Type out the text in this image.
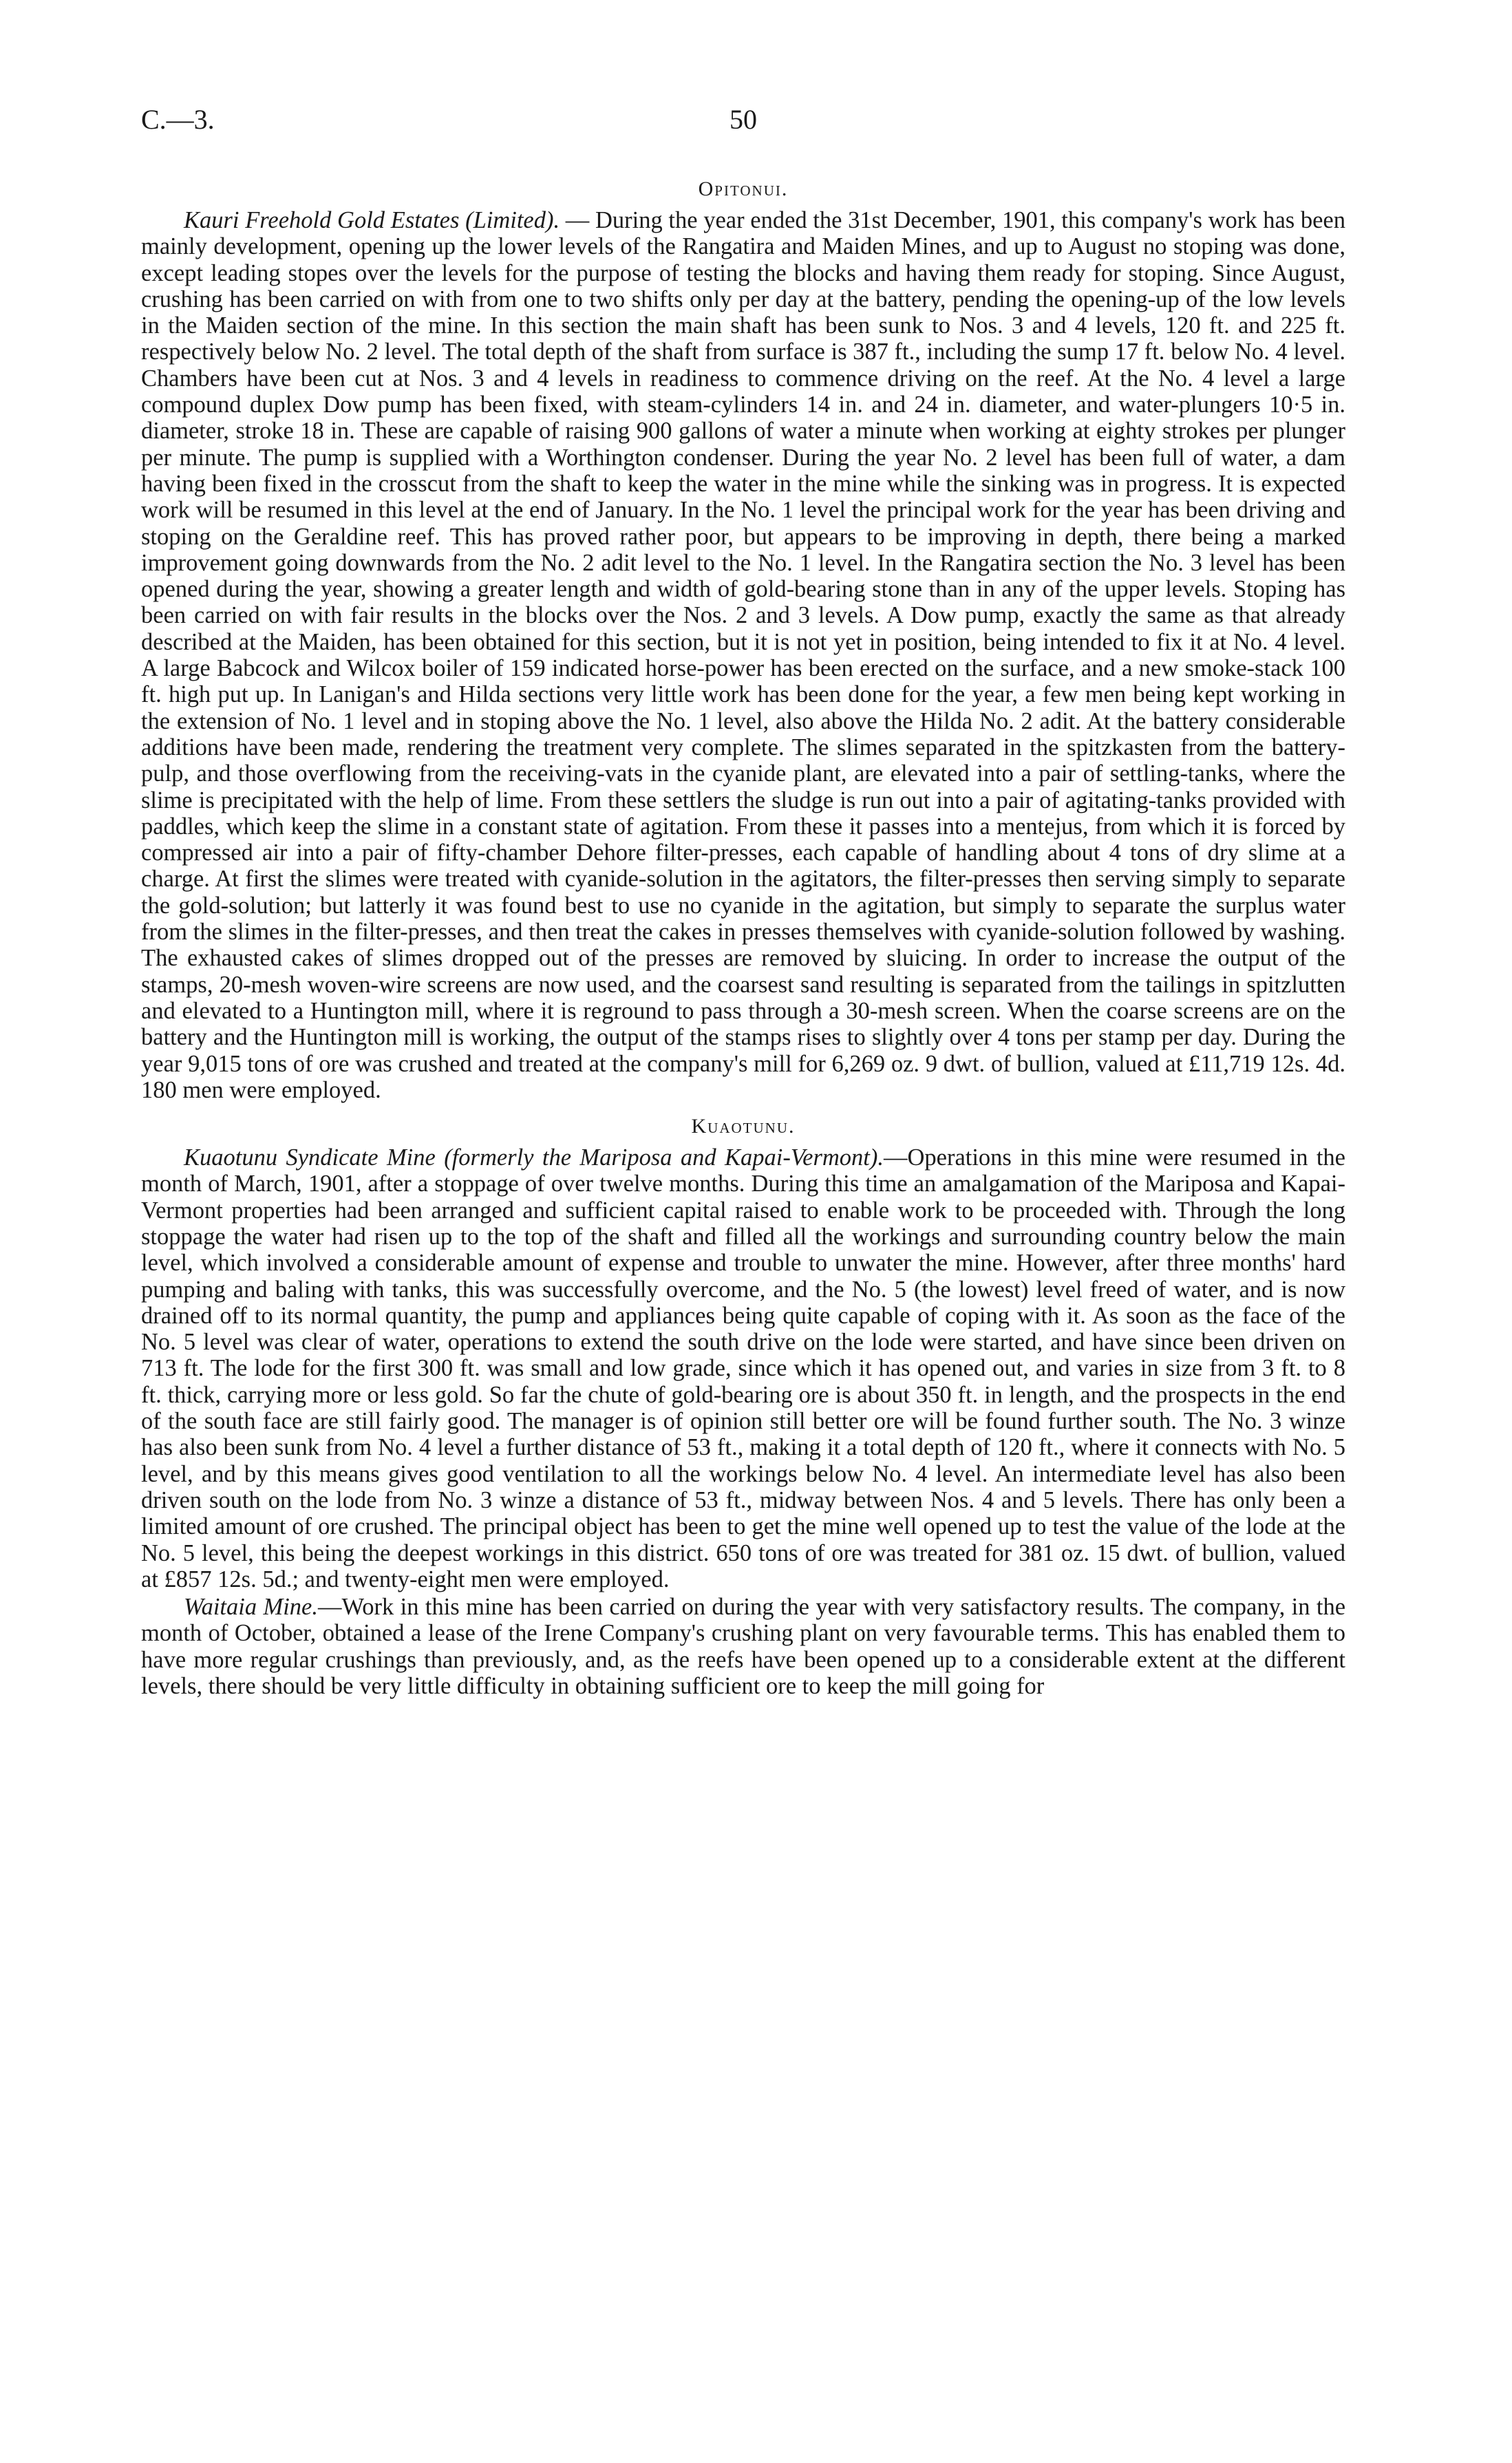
C.—3.	50
Opitonui.

Kauri Freehold Gold Estates (Limited). — During the year ended the 31st December, 1901, this company's work has been mainly development, opening up the lower levels of the Rangatira and Maiden Mines, and up to August no stoping was done, except leading stopes over the levels for the purpose of testing the blocks and having them ready for stoping. Since August, crushing has been carried on with from one to two shifts only per day at the battery, pending the opening-up of the low levels in the Maiden section of the mine. In this section the main shaft has been sunk to Nos. 3 and 4 levels, 120 ft. and 225 ft. respectively below No. 2 level. The total depth of the shaft from surface is 387 ft., including the sump 17 ft. below No. 4 level. Chambers have been cut at Nos. 3 and 4 levels in readiness to commence driving on the reef. At the No. 4 level a large compound duplex Dow pump has been fixed, with steam-cylinders 14 in. and 24 in. diameter, and water-plungers 10·5 in. diameter, stroke 18 in. These are capable of raising 900 gallons of water a minute when working at eighty strokes per plunger per minute. The pump is supplied with a Worthington condenser. During the year No. 2 level has been full of water, a dam having been fixed in the crosscut from the shaft to keep the water in the mine while the sinking was in progress. It is expected work will be resumed in this level at the end of January. In the No. 1 level the principal work for the year has been driving and stoping on the Geraldine reef. This has proved rather poor, but appears to be improving in depth, there being a marked improvement going downwards from the No. 2 adit level to the No. 1 level. In the Rangatira section the No. 3 level has been opened during the year, showing a greater length and width of gold-bearing stone than in any of the upper levels. Stoping has been carried on with fair results in the blocks over the Nos. 2 and 3 levels. A Dow pump, exactly the same as that already described at the Maiden, has been obtained for this section, but it is not yet in position, being intended to fix it at No. 4 level. A large Babcock and Wilcox boiler of 159 indicated horse-power has been erected on the surface, and a new smoke-stack 100 ft. high put up. In Lanigan's and Hilda sections very little work has been done for the year, a few men being kept working in the extension of No. 1 level and in stoping above the No. 1 level, also above the Hilda No. 2 adit. At the battery considerable additions have been made, rendering the treatment very complete. The slimes separated in the spitzkasten from the battery-pulp, and those overflowing from the receiving-vats in the cyanide plant, are elevated into a pair of settling-tanks, where the slime is precipitated with the help of lime. From these settlers the sludge is run out into a pair of agitating-tanks provided with paddles, which keep the slime in a constant state of agitation. From these it passes into a mentejus, from which it is forced by compressed air into a pair of fifty-chamber Dehore filter-presses, each capable of handling about 4 tons of dry slime at a charge. At first the slimes were treated with cyanide-solution in the agitators, the filter-presses then serving simply to separate the gold-solution; but latterly it was found best to use no cyanide in the agitation, but simply to separate the surplus water from the slimes in the filter-presses, and then treat the cakes in presses themselves with cyanide-solution followed by washing. The exhausted cakes of slimes dropped out of the presses are removed by sluicing. In order to increase the output of the stamps, 20-mesh woven-wire screens are now used, and the coarsest sand resulting is separated from the tailings in spitzlutten and elevated to a Huntington mill, where it is reground to pass through a 30-mesh screen. When the coarse screens are on the battery and the Huntington mill is working, the output of the stamps rises to slightly over 4 tons per stamp per day. During the year 9,015 tons of ore was crushed and treated at the company's mill for 6,269 oz. 9 dwt. of bullion, valued at £11,719 12s. 4d. 180 men were employed.

Kuaotunu.

Kuaotunu Syndicate Mine (formerly the Mariposa and Kapai-Vermont).—Operations in this mine were resumed in the month of March, 1901, after a stoppage of over twelve months. During this time an amalgamation of the Mariposa and Kapai-Vermont properties had been arranged and sufficient capital raised to enable work to be proceeded with. Through the long stoppage the water had risen up to the top of the shaft and filled all the workings and surrounding country below the main level, which involved a considerable amount of expense and trouble to unwater the mine. However, after three months' hard pumping and baling with tanks, this was successfully overcome, and the No. 5 (the lowest) level freed of water, and is now drained off to its normal quantity, the pump and appliances being quite capable of coping with it. As soon as the face of the No. 5 level was clear of water, operations to extend the south drive on the lode were started, and have since been driven on 713 ft. The lode for the first 300 ft. was small and low grade, since which it has opened out, and varies in size from 3 ft. to 8 ft. thick, carrying more or less gold. So far the chute of gold-bearing ore is about 350 ft. in length, and the prospects in the end of the south face are still fairly good. The manager is of opinion still better ore will be found further south. The No. 3 winze has also been sunk from No. 4 level a further distance of 53 ft., making it a total depth of 120 ft., where it connects with No. 5 level, and by this means gives good ventilation to all the workings below No. 4 level. An intermediate level has also been driven south on the lode from No. 3 winze a distance of 53 ft., midway between Nos. 4 and 5 levels. There has only been a limited amount of ore crushed. The principal object has been to get the mine well opened up to test the value of the lode at the No. 5 level, this being the deepest workings in this district. 650 tons of ore was treated for 381 oz. 15 dwt. of bullion, valued at £857 12s. 5d.; and twenty-eight men were employed.

Waitaia Mine.—Work in this mine has been carried on during the year with very satisfactory results. The company, in the month of October, obtained a lease of the Irene Company's crushing plant on very favourable terms. This has enabled them to have more regular crushings than previously, and, as the reefs have been opened up to a considerable extent at the different levels, there should be very little difficulty in obtaining sufficient ore to keep the mill going for
